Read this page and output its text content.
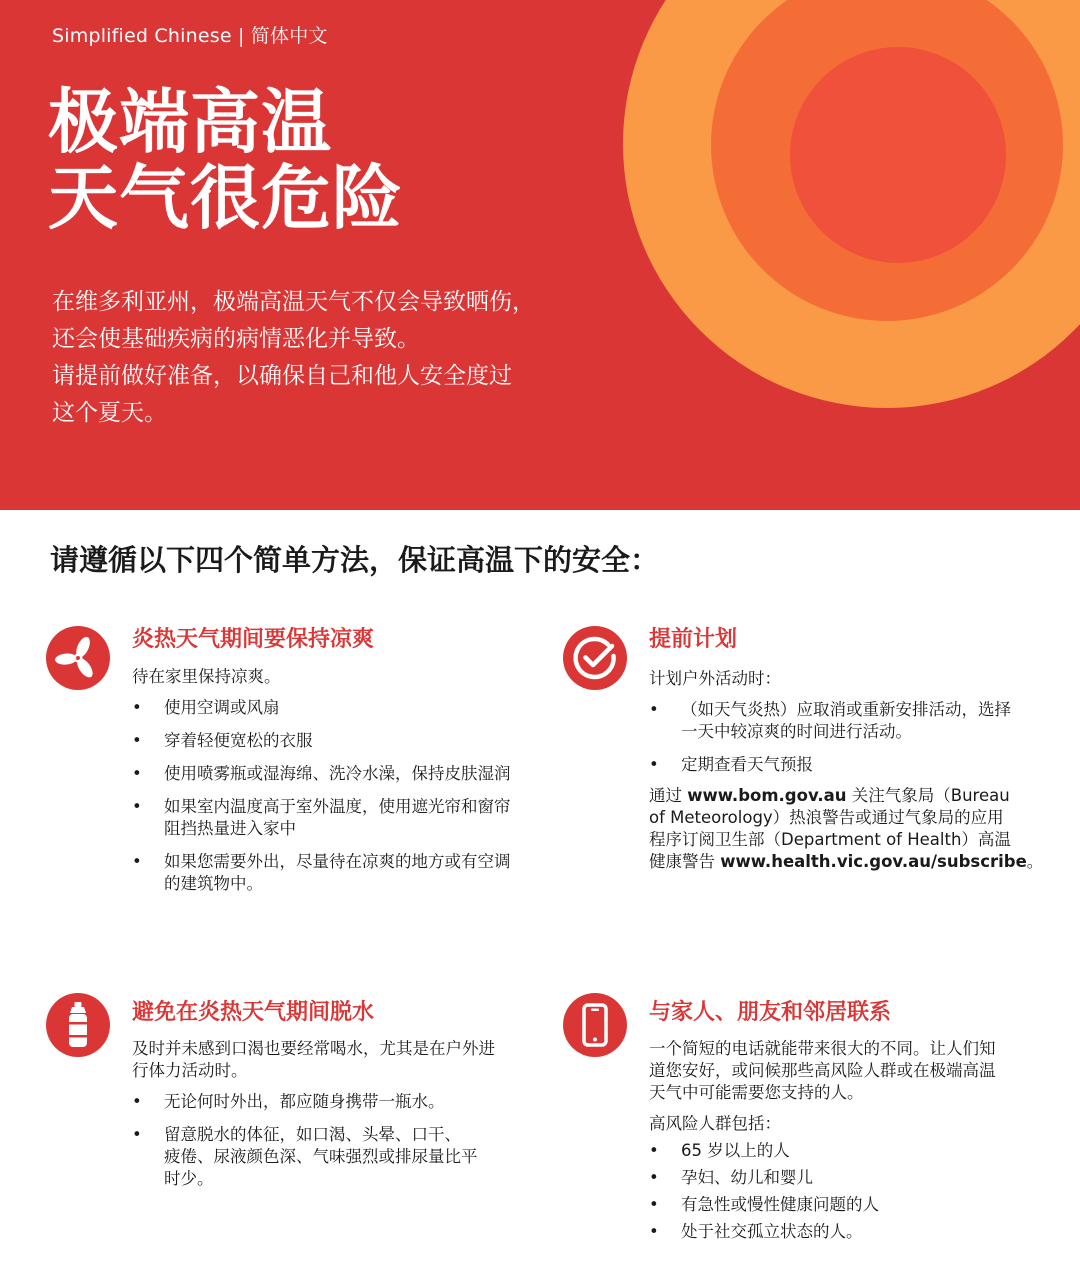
Simplified Chinese | 简体中文
极端高温
天气很危险
在维多利亚州，极端高温天气不仅会导致晒伤，
还会使基础疾病的病情恶化并导致。
请提前做好准备，以确保自己和他人安全度过
这个夏天。
请遵循以下四个简单方法，保证高温下的安全：
炎热天气期间要保持凉爽

待在家里保持凉爽。

• 使用空调或风扇
• 穿着轻便宽松的衣服
• 使用喷雾瓶或湿海绵、洗冷水澡，保持皮肤湿润
• 如果室内温度高于室外温度，使用遮光帘和窗帘
阻挡热量进入家中
• 如果您需要外出，尽量待在凉爽的地方或有空调
的建筑物中。
提前计划

计划户外活动时：

• （如天气炎热）应取消或重新安排活动，选择
一天中较凉爽的时间进行活动。
• 定期查看天气预报

通过 www.bom.gov.au 关注气象局（Bureau
of Meteorology）热浪警告或通过气象局的应用
程序订阅卫生部（Department of Health）高温
健康警告 www.health.vic.gov.au/subscribe。

避免在炎热天气期间脱水

及时并未感到口渴也要经常喝水，尤其是在户外进
行体力活动时。

• 无论何时外出，都应随身携带一瓶水。
• 留意脱水的体征，如口渴、头晕、口干、
疲倦、尿液颜色深、气味强烈或排尿量比平
时少。
与家人、朋友和邻居联系

一个简短的电话就能带来很大的不同。让人们知
道您安好，或问候那些高风险人群或在极端高温
天气中可能需要您支持的人。

高风险人群包括：

• 65 岁以上的人
• 孕妇、幼儿和婴儿
• 有急性或慢性健康问题的人
• 处于社交孤立状态的人。
